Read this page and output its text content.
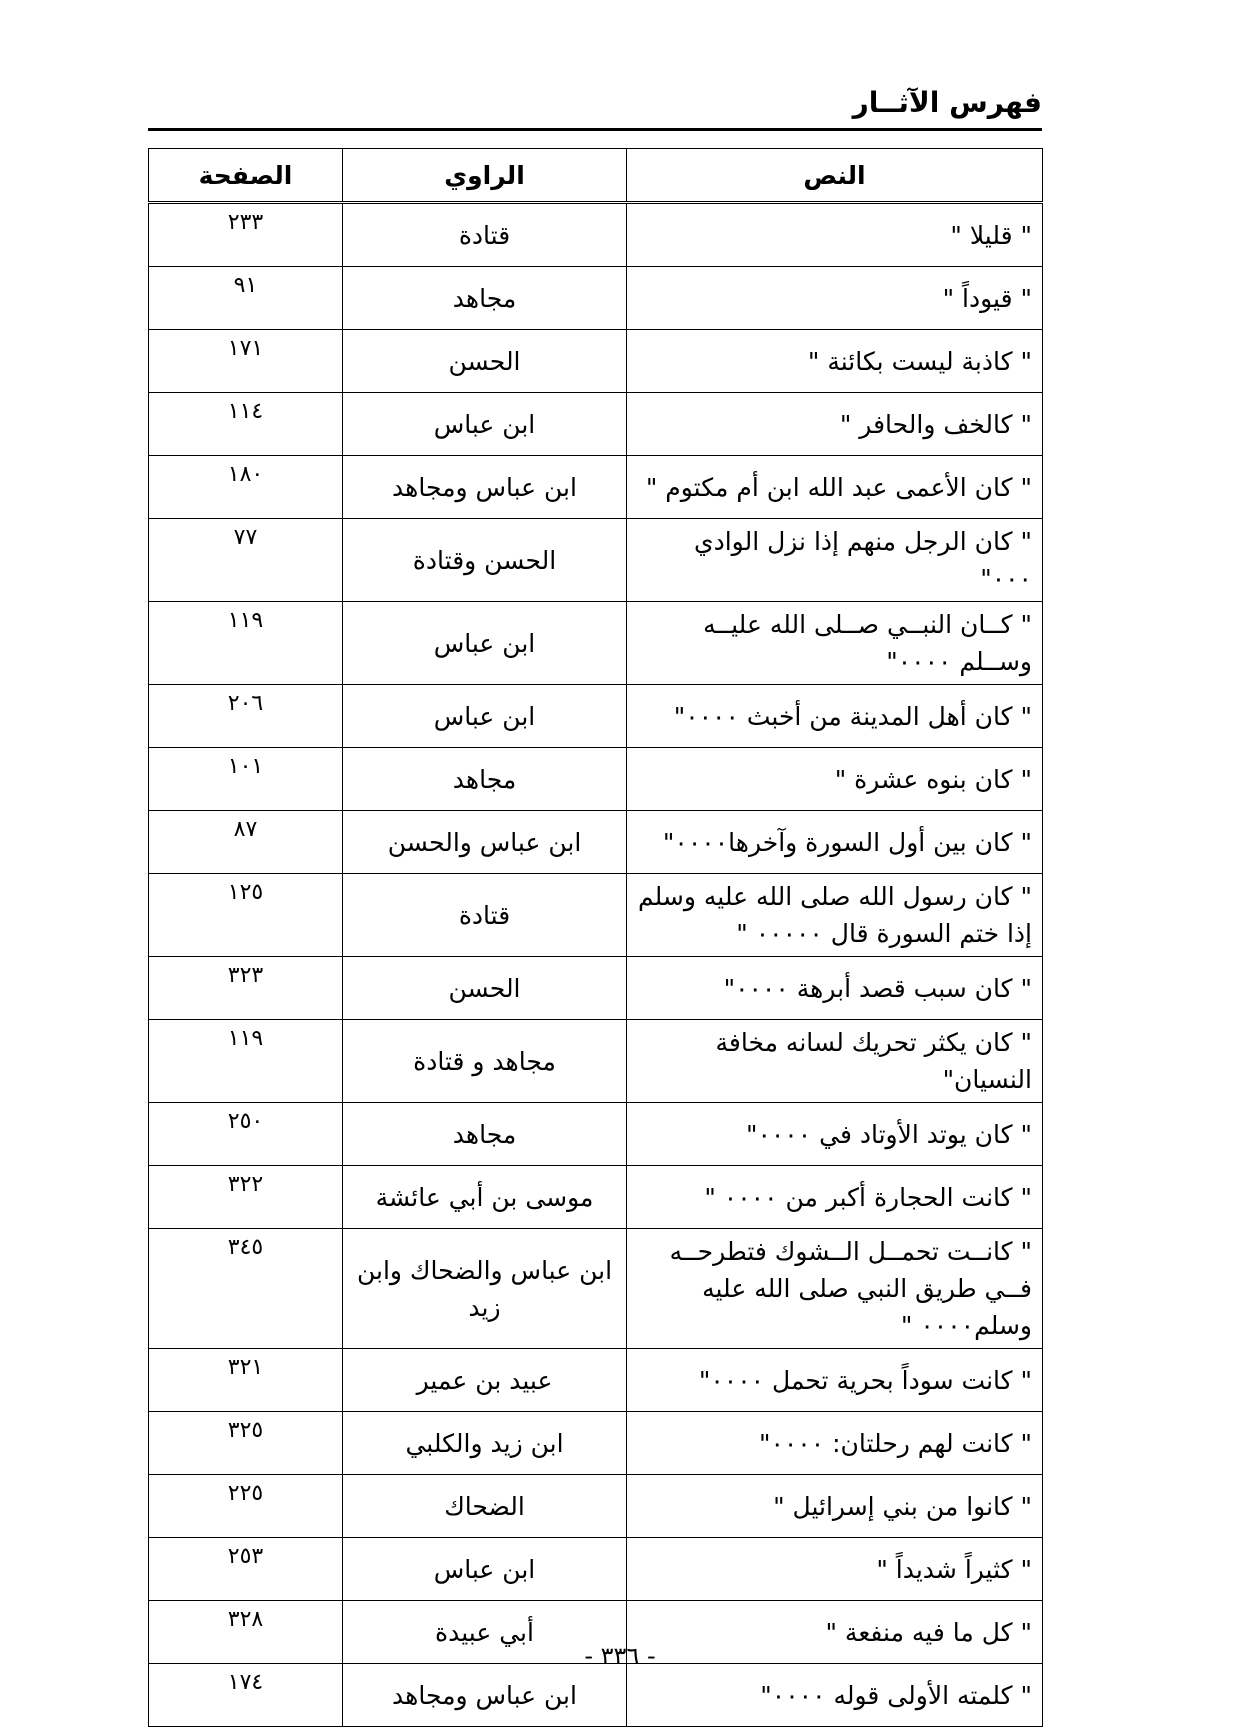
فهرس الآثــار
النص	الراوي	الصفحة
" قليلا "	قتادة	٢٣٣
" قيوداً "	مجاهد	٩١
" كاذبة ليست بكائنة "	الحسن	١٧١
" كالخف والحافر "	ابن عباس	١١٤
" كان الأعمى عبد الله ابن أم مكتوم "	ابن عباس ومجاهد	١٨٠
" كان الرجل منهم إذا نزل الوادي ٠٠٠"	الحسن وقتادة	٧٧
" كــان النبــي صــلى الله عليــه وســلم ٠٠٠٠"	ابن عباس	١١٩
" كان أهل المدينة من أخبث ٠٠٠٠"	ابن عباس	٢٠٦
" كان بنوه عشرة "	مجاهد	١٠١
" كان بين أول السورة وآخرها٠٠٠٠"	ابن عباس والحسن	٨٧
" كان رسول الله صلى الله عليه وسلم إذا ختم السورة قال ٠٠٠٠٠ "	قتادة	١٢٥
" كان سبب قصد أبرهة ٠٠٠٠"	الحسن	٣٢٣
" كان يكثر تحريك لسانه مخافة النسيان"	مجاهد و قتادة	١١٩
" كان يوتد الأوتاد في ٠٠٠٠"	مجاهد	٢٥٠
" كانت الحجارة أكبر من ٠٠٠٠ "	موسى بن أبي عائشة	٣٢٢
" كانــت تحمــل الــشوك فتطرحــه فــي طريق النبي صلى الله عليه وسلم٠٠٠٠ "	ابن عباس والضحاك وابن زيد	٣٤٥
" كانت سوداً بحرية تحمل ٠٠٠٠"	عبيد بن عمير	٣٢١
" كانت لهم رحلتان: ٠٠٠٠"	ابن زيد والكلبي	٣٢٥
" كانوا من بني إسرائيل "	الضحاك	٢٢٥
" كثيراً شديداً "	ابن عباس	٢٥٣
" كل ما فيه منفعة "	أبي عبيدة	٣٢٨
" كلمته الأولى قوله ٠٠٠٠"	ابن عباس ومجاهد	١٧٤
- ٣٣٦ -
